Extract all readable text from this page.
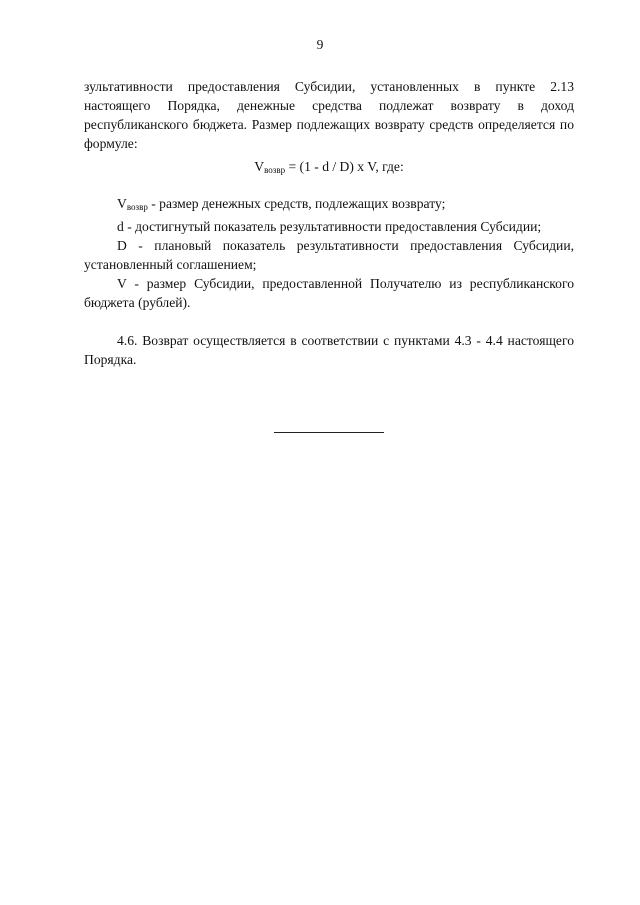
9

зультативности предоставления Субсидии, установленных в пункте 2.13 настоящего Порядка, денежные средства подлежат возврату в доход республиканского бюджета. Размер подлежащих возврату средств определяется по формуле:

$V_{возвр} = (1 - d / D)$ x V, где:

$V_{возвр}$ - размер денежных средств, подлежащих возврату;

d - достигнутый показатель результативности предоставления Субсидии;

D - плановый показатель результативности предоставления Субсидии, установленный соглашением;

V - размер Субсидии, предоставленной Получателю из республиканского бюджета (рублей).

4.6. Возврат осуществляется в соответствии с пунктами 4.3 - 4.4 настоящего Порядка.
